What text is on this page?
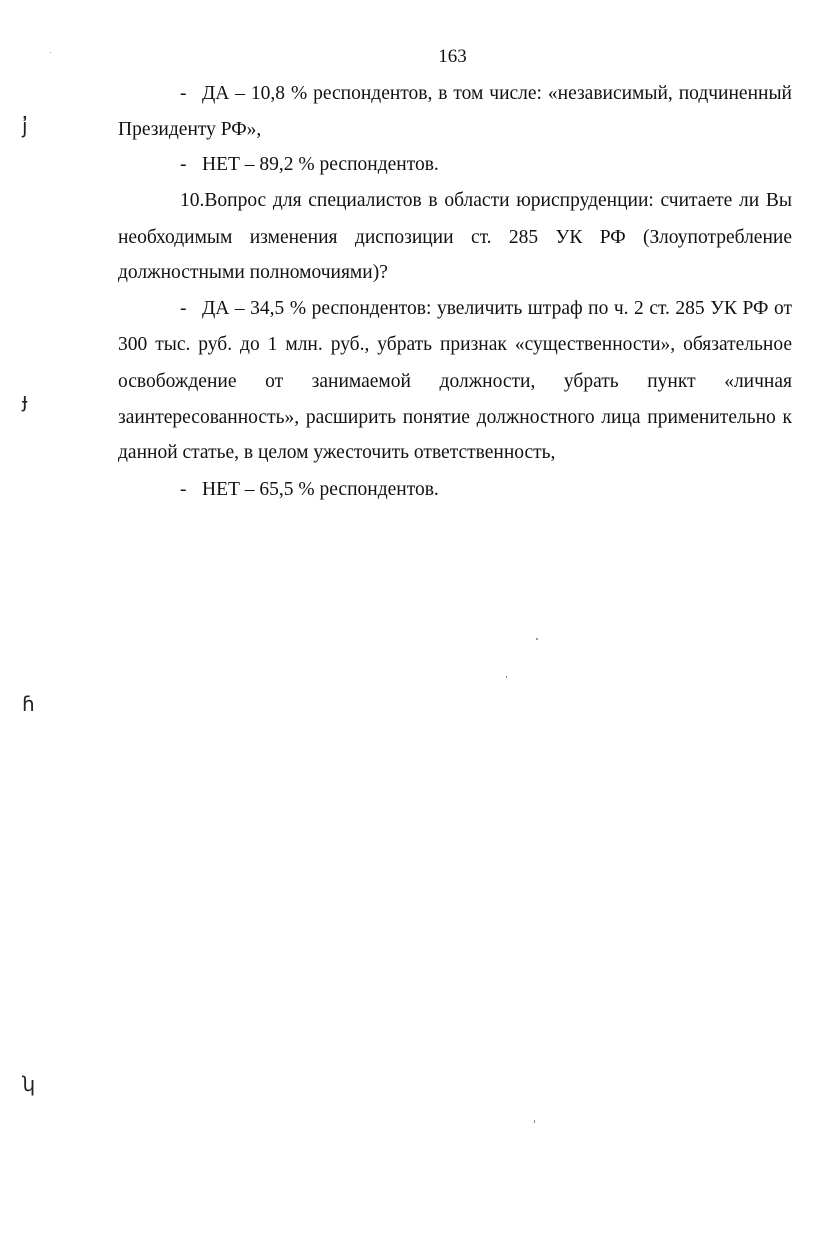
163
- ДА – 10,8 % респондентов, в том числе: «независимый, подчиненный
Президенту РФ»,
- НЕТ – 89,2 % респондентов.
10.Вопрос для специалистов в области юриспруденции: считаете ли Вы
необходимым изменения диспозиции ст. 285 УК РФ (Злоупотребление
должностными полномочиями)?
- ДА – 34,5 % респондентов: увеличить штраф по ч. 2 ст. 285 УК РФ от
300 тыс. руб. до 1 млн. руб., убрать признак «существенности», обязательное
освобождение от занимаемой должности, убрать пункт «личная
заинтересованность», расширить понятие должностного лица применительно к
данной статье, в целом ужесточить ответственность,
- НЕТ – 65,5 % респондентов.
ȷ̓
ɟ
ɦ
ʮ
